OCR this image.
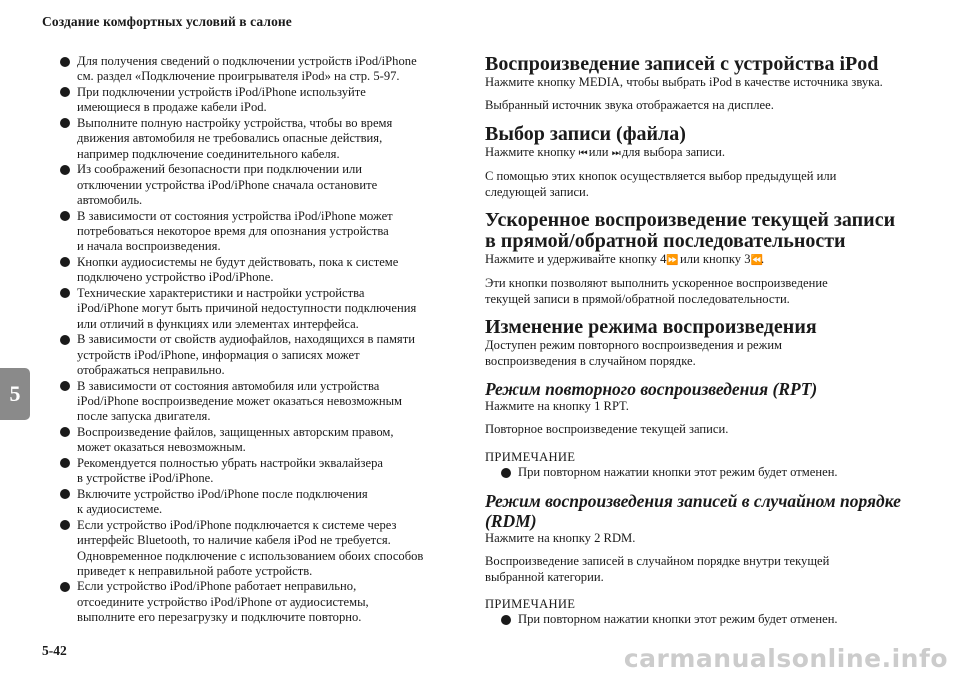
Создание комфортных условий в салоне
5
Для получения сведений о подключении устройств iPod/iPhone
см. раздел «Подключение проигрывателя iPod» на стр. 5-97.
При подключении устройств iPod/iPhone используйте
имеющиеся в продаже кабели iPod.
Выполните полную настройку устройства, чтобы во время
движения автомобиля не требовались опасные действия,
например подключение соединительного кабеля.
Из соображений безопасности при подключении или
отключении устройства iPod/iPhone сначала остановите
автомобиль.
В зависимости от состояния устройства iPod/iPhone может
потребоваться некоторое время для опознания устройства
и начала воспроизведения.
Кнопки аудиосистемы не будут действовать, пока к системе
подключено устройство iPod/iPhone.
Технические характеристики и настройки устройства
iPod/iPhone могут быть причиной недоступности подключения
или отличий в функциях или элементах интерфейса.
В зависимости от свойств аудиофайлов, находящихся в памяти
устройств iPod/iPhone, информация о записях может
отображаться неправильно.
В зависимости от состояния автомобиля или устройства
iPod/iPhone воспроизведение может оказаться невозможным
после запуска двигателя.
Воспроизведение файлов, защищенных авторским правом,
может оказаться невозможным.
Рекомендуется полностью убрать настройки эквалайзера
в устройстве iPod/iPhone.
Включите устройство iPod/iPhone после подключения
к аудиосистеме.
Если устройство iPod/iPhone подключается к системе через
интерфейс Bluetooth, то наличие кабеля iPod не требуется.
Одновременное подключение с использованием обоих способов
приведет к неправильной работе устройств.
Если устройство iPod/iPhone работает неправильно,
отсоедините устройство iPod/iPhone от аудиосистемы,
выполните его перезагрузку и подключите повторно.
Воспроизведение записей с устройства iPod

Нажмите кнопку MEDIA, чтобы выбрать iPod в качестве источника звука.

Выбранный источник звука отображается на дисплее.

Выбор записи (файла)

Нажмите кнопку ⏮ или ⏭ для выбора записи.

С помощью этих кнопок осуществляется выбор предыдущей или
следующей записи.

Ускоренное воспроизведение текущей записи
в прямой/обратной последовательности

Нажмите и удерживайте кнопку 4⏩ или кнопку 3⏪.

Эти кнопки позволяют выполнить ускоренное воспроизведение
текущей записи в прямой/обратной последовательности.

Изменение режима воспроизведения

Доступен режим повторного воспроизведения и режим
воспроизведения в случайном порядке.

Режим повторного воспроизведения (RPT)

Нажмите на кнопку 1 RPT.

Повторное воспроизведение текущей записи.

ПРИМЕЧАНИЕ

При повторном нажатии кнопки этот режим будет отменен.
Режим воспроизведения записей в случайном порядке
(RDM)

Нажмите на кнопку 2 RDM.

Воспроизведение записей в случайном порядке внутри текущей
выбранной категории.

ПРИМЕЧАНИЕ

При повторном нажатии кнопки этот режим будет отменен.
5-42	carmanualsonline.info
